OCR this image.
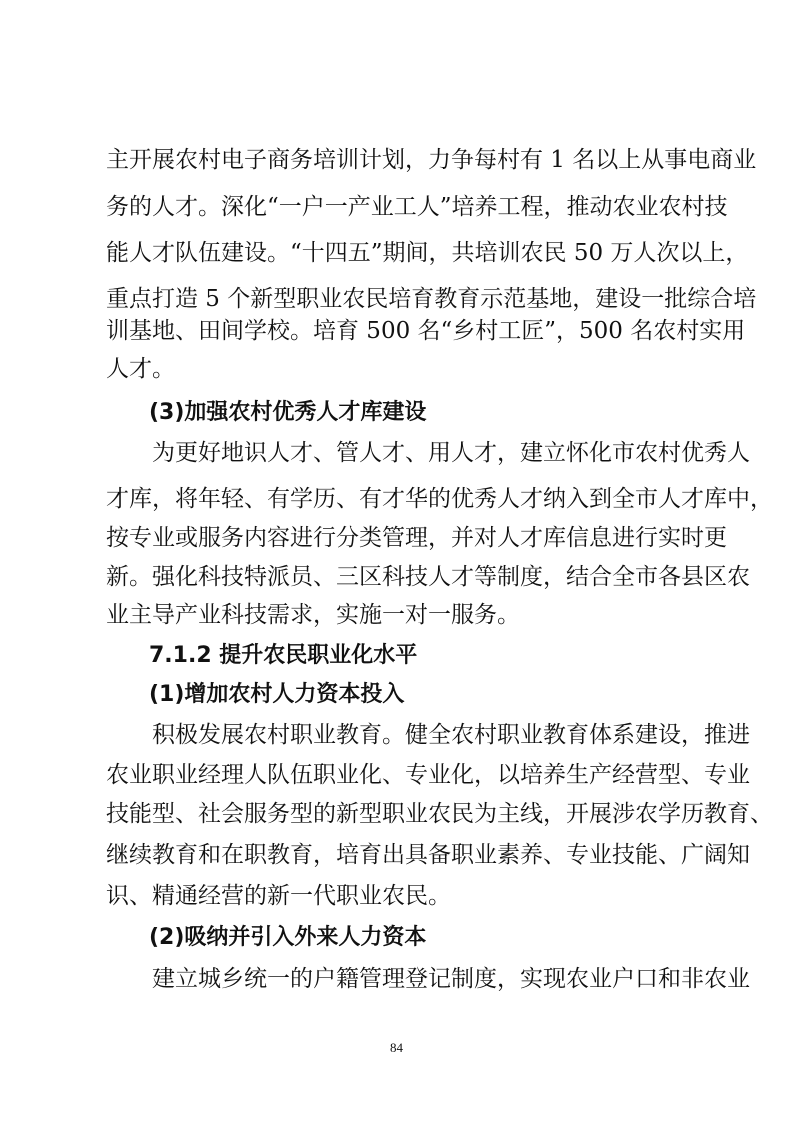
主开展农村电子商务培训计划，力争每村有 1 名以上从事电商业
务的人才。深化“一户一产业工人”培养工程，推动农业农村技
能人才队伍建设。“十四五”期间，共培训农民 50 万人次以上，
重点打造 5 个新型职业农民培育教育示范基地，建设一批综合培
训基地、田间学校。培育 500 名“乡村工匠”，500 名农村实用
人才。
(3)加强农村优秀人才库建设
为更好地识人才、管人才、用人才，建立怀化市农村优秀人
才库，将年轻、有学历、有才华的优秀人才纳入到全市人才库中，
按专业或服务内容进行分类管理，并对人才库信息进行实时更
新。强化科技特派员、三区科技人才等制度，结合全市各县区农
业主导产业科技需求，实施一对一服务。
7.1.2 提升农民职业化水平
(1)增加农村人力资本投入
积极发展农村职业教育。健全农村职业教育体系建设，推进
农业职业经理人队伍职业化、专业化，以培养生产经营型、专业
技能型、社会服务型的新型职业农民为主线，开展涉农学历教育、
继续教育和在职教育，培育出具备职业素养、专业技能、广阔知
识、精通经营的新一代职业农民。
(2)吸纳并引入外来人力资本
建立城乡统一的户籍管理登记制度，实现农业户口和非农业
84
